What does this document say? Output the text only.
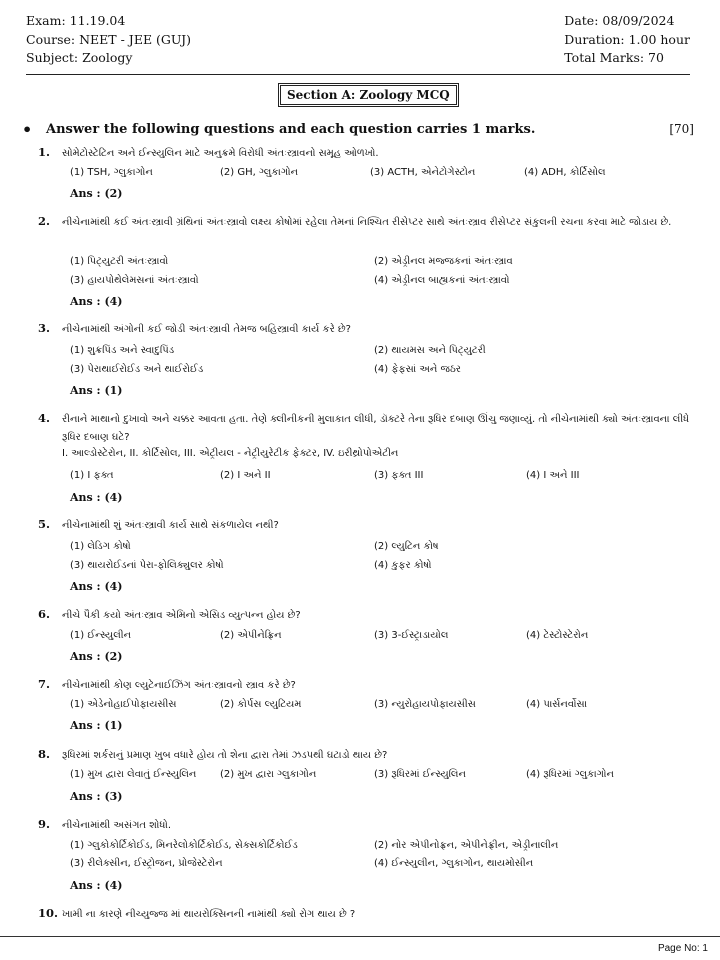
Exam: 11.19.04
Course: NEET - JEE (GUJ)
Subject: Zoology
Date: 08/09/2024
Duration: 1.00 hour
Total Marks: 70
Section A: Zoology MCQ
• Answer the following questions and each question carries 1 marks.	[70]
1. સોમેટોસ્ટેટિન અને ઈન્સ્યુલિન માટે અનુક્રમે વિરોધી અંતઃસ્ત્રાવનો સમૂહ ઓળખો.
(1) TSH, ગ્લુકાગોન	(2) GH, ગ્લુકાગોન	(3) ACTH, એનેટોગેસ્ટોન	(4) ADH, કોર્ટિસોલ
Ans : (2)
2. નીચેનામાંથી કઈ અંતઃસ્ત્રાવી ગ્રંથિનાં અંતઃસ્ત્રાવો લક્ષ્ય કોષોમાં રહેલા તેમનાં નિશ્ચિત રીસેપ્ટર સાથે અંતઃસ્ત્રાવ રીસેપ્ટર સંકુલની રચના કરવા માટે જોડાય છે.
(1) પિટ્યુટરી અંતઃસ્ત્રાવો	(2) એડ્રીનલ મજ્જકનાં અંતઃસ્ત્રાવ
(3) હાયપોથેલેમસનાં અંતઃસ્ત્રાવો	(4) એડ્રીનલ બાહ્યકનાં અંતઃસ્ત્રાવો
Ans : (4)
3. નીચેનામાંથી અંગોની કઈ જોડી અંતઃસ્ત્રાવી તેમજ બહિસ્ત્રાવી કાર્ય કરે છે?
(1) શુક્રપિંડ અને સ્વાદુપિંડ	(2) થાયમસ અને પિટ્યુટરી
(3) પેરાથાઈરોઈડ અને થાઈરોઈડ	(4) ફેફસાં અને જઠર
Ans : (1)
4. રીનાને માથાનો દુખાવો અને ચક્કર આવતા હતા. તેણે ક્લીનીકની મુલાકાત લીધી, ડૉક્ટરે તેના રૂધિર દબાણ ઊંચુ જણાવ્યું. તો નીચેનામાંથી ક્યો અંતઃસ્ત્રાવના લીધે રૂધિર દબાણ ઘટે?
I. આલ્ડોસ્ટેરોન, II. કોર્ટિસોલ, III. એટ્રીયલ - નેટ્રીયુરેટીક ફેક્ટર, IV. ઇરીથ્રોપોએટીન
(1) I ફક્ત	(2) I અને II	(3) ફક્ત III	(4) I અને III
Ans : (4)
5. નીચેનામાંથી શું અંતઃસ્ત્રાવી કાર્ય સાથે સંકળાયેલ નથી?
(1) લેડિગ કોષો	(2) લ્યુટિન કોષ
(3) થાયરોઈડનાં પેરા-ફોલિક્યુલર કોષો	(4) કુફર કોષો
Ans : (4)
6. નીચે પૈકી કયો અંતઃસ્ત્રાવ એમિનો એસિડ વ્યુત્પન્ન હોય છે?
(1) ઈન્સ્યુલીન	(2) એપીનેફ્રિન	(3) 3-ઈસ્ટ્રાડાયોલ	(4) ટેસ્ટોસ્ટેરોન
Ans : (2)
7. નીચેનામાંથી કોણ લ્યુટેનાઈઝિંગ અંતઃસ્ત્રાવનો સ્ત્રાવ કરે છે?
(1) એડેનોહાઈપોફાયસીસ	(2) કોર્પસ લ્યુટિયમ	(3) ન્યુરોહાયપોફાયસીસ	(4) પાર્સનર્વોસા
Ans : (1)
8. રૂધિરમાં શર્કરાનું પ્રમાણ ખુબ વધારે હોય તો શેના દ્વારા તેમાં ઝડપથી ઘટાડો થાય છે?
(1) મુખ દ્વારા લેવાતું ઈન્સ્યુલિન (2) મુખ દ્વારા ગ્લુકાગોન	(3) રૂધિરમાં ઈન્સ્યુલિન	(4) રૂધિરમાં ગ્લુકાગોન
Ans : (3)
9. નીચેનામાંથી અસંગત શોધો.
(1) ગ્લુકોકોર્ટિકોઈડ, મિનરેલોકોર્ટિકોઈડ, સેક્સકોર્ટિકોઈડ	(2) નોર એપીનોફ્રન, એપીનેફ્રીન, એડ્રીનાલીન
(3) રીલેક્સીન, ઈસ્ટ્રોજન, પ્રોજેસ્ટેરોન	(4) ઈન્સ્યુલીન, ગ્લુકાગોન, થાયમોસીન
Ans : (4)
10. ખામી ના કારણે નીચ્યુજ્જ માં થાયરોક્સિનની નામાંથી ક્યો રોગ થાય છે ?
Page No: 1
